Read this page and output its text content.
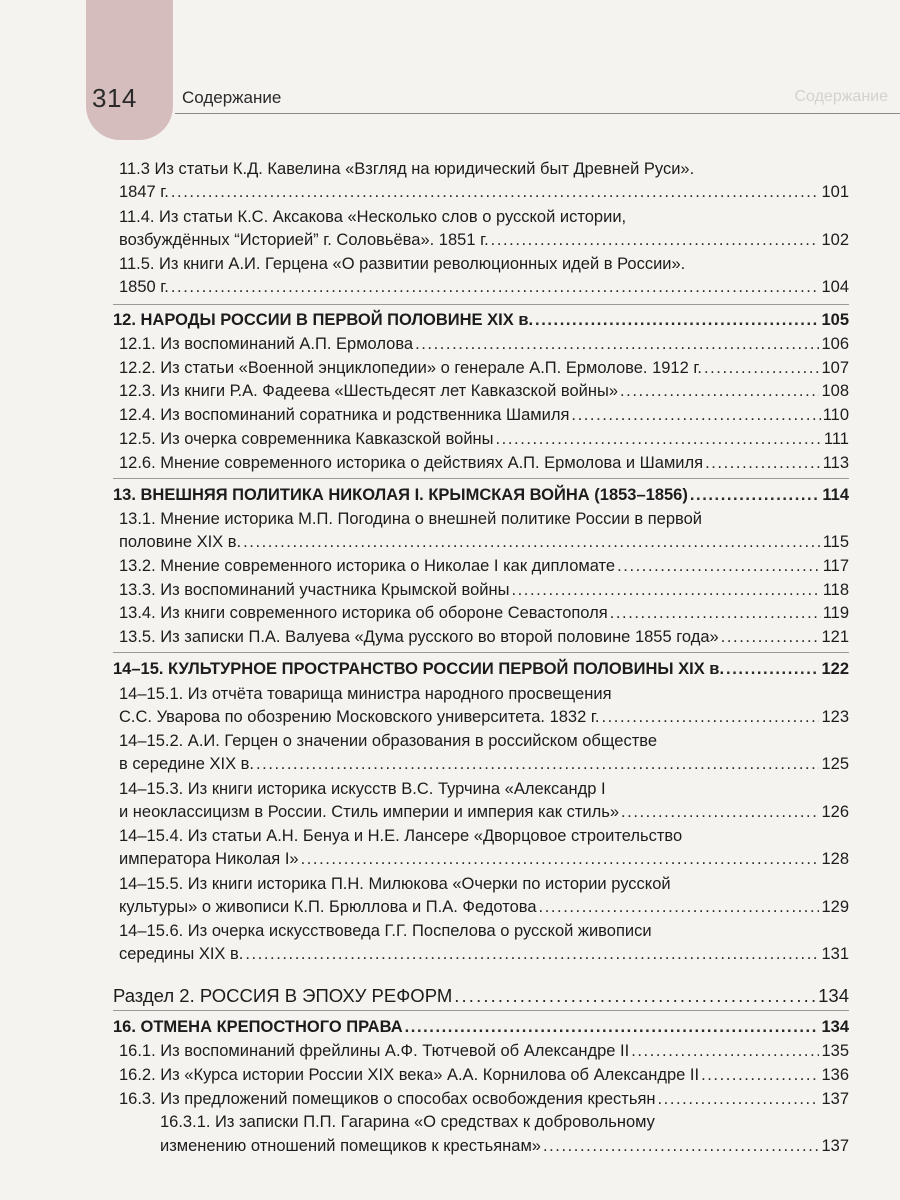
314	Содержание	Содержание
11.3 Из статьи К.Д. Кавелина «Взгляд на юридический быт Древней Руси».
1847 г. . . .	101
11.4. Из статьи К.С. Аксакова «Несколько слов о русской истории,
возбуждённых “Историей” г. Соловьёва». 1851 г. . . .	102
11.5. Из книги А.И. Герцена «О развитии революционных идей в России».
1850 г. . . .	104
12. НАРОДЫ РОССИИ В ПЕРВОЙ ПОЛОВИНЕ XIX в. . . .	105
12.1. Из воспоминаний А.П. Ермолова . . .	106
12.2. Из статьи «Военной энциклопедии» о генерале А.П. Ермолове. 1912 г. . . .	107
12.3. Из книги Р.А. Фадеева «Шестьдесят лет Кавказской войны» . . .	108
12.4. Из воспоминаний соратника и родственника Шамиля . . .	110
12.5. Из очерка современника Кавказской войны . . .	111
12.6. Мнение современного историка о действиях А.П. Ермолова и Шамиля . . .	113
13. ВНЕШНЯЯ ПОЛИТИКА НИКОЛАЯ I. КРЫМСКАЯ ВОЙНА (1853–1856) . . .	114
13.1. Мнение историка М.П. Погодина о внешней политике России в первой
половине XIX в. . . .	115
13.2. Мнение современного историка о Николае I как дипломате . . .	117
13.3. Из воспоминаний участника Крымской войны . . .	118
13.4. Из книги современного историка об обороне Севастополя . . .	119
13.5. Из записки П.А. Валуева «Дума русского во второй половине 1855 года» . . .	121
14–15. КУЛЬТУРНОЕ ПРОСТРАНСТВО РОССИИ ПЕРВОЙ ПОЛОВИНЫ XIX в. . . .	122
14–15.1. Из отчёта товарища министра народного просвещения
С.С. Уварова по обозрению Московского университета. 1832 г. . . .	123
14–15.2. А.И. Герцен о значении образования в российском обществе
в середине XIX в. . . .	125
14–15.3. Из книги историка искусств В.С. Турчина «Александр I
и неоклассицизм в России. Стиль империи и империя как стиль» . . .	126
14–15.4. Из статьи А.Н. Бенуа и Н.Е. Лансере «Дворцовое строительство
императора Николая I» . . .	128
14–15.5. Из книги историка П.Н. Милюкова «Очерки по истории русской
культуры» о живописи К.П. Брюллова и П.А. Федотова . . .	129
14–15.6. Из очерка искусствоведа Г.Г. Поспелова о русской живописи
середины XIX в. . . .	131
Раздел 2. РОССИЯ В ЭПОХУ РЕФОРМ . . .	134
16. ОТМЕНА КРЕПОСТНОГО ПРАВА . . .	134
16.1. Из воспоминаний фрейлины А.Ф. Тютчевой об Александре II . . .	135
16.2. Из «Курса истории России XIX века» А.А. Корнилова об Александре II . . .	136
16.3. Из предложений помещиков о способах освобождения крестьян . . .	137
16.3.1. Из записки П.П. Гагарина «О средствах к добровольному
изменению отношений помещиков к крестьянам» . . .	137
